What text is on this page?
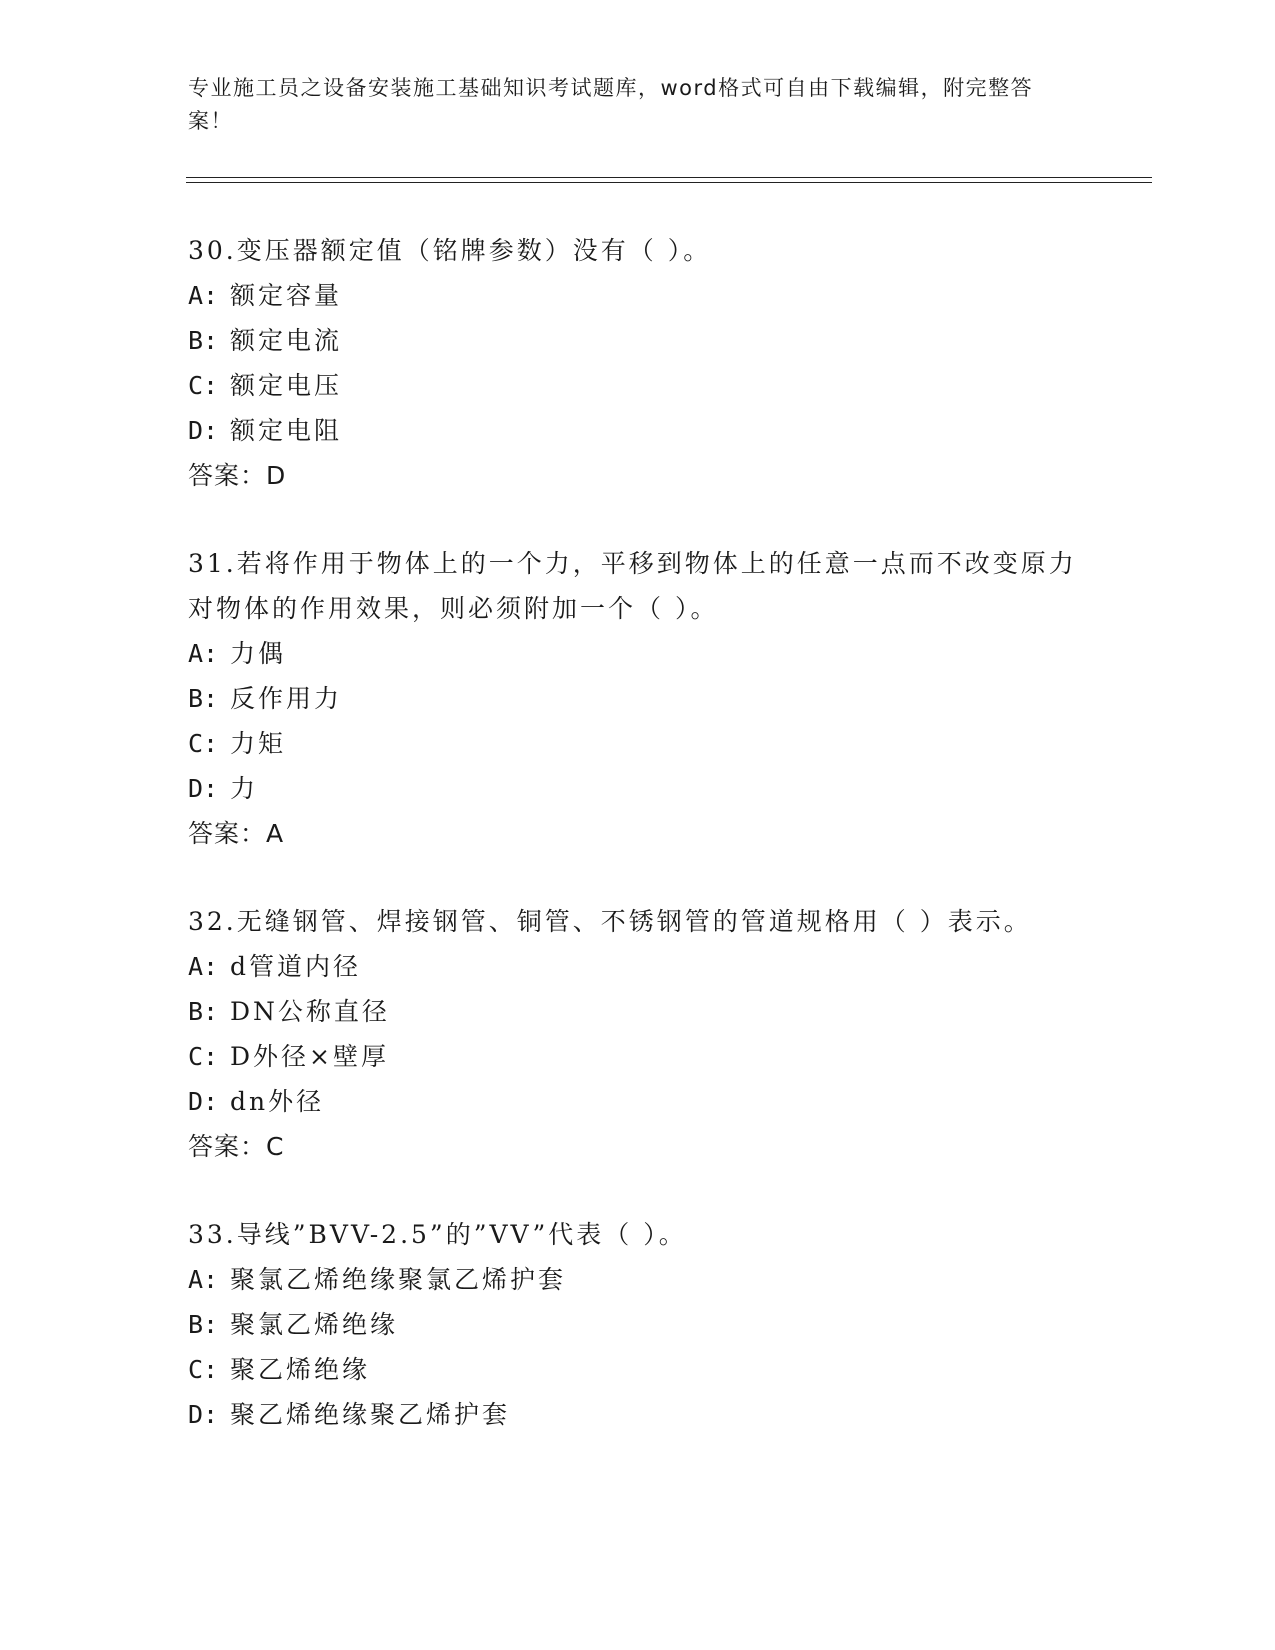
专业施工员之设备安装施工基础知识考试题库，word格式可自由下载编辑，附完整答案！
30.变压器额定值（铭牌参数）没有（ ）。
A: 额定容量
B: 额定电流
C: 额定电压
D: 额定电阻
答案：D
31.若将作用于物体上的一个力，平移到物体上的任意一点而不改变原力对物体的作用效果，则必须附加一个（ ）。
A: 力偶
B: 反作用力
C: 力矩
D: 力
答案：A
32.无缝钢管、焊接钢管、铜管、不锈钢管的管道规格用（ ）表示。
A: d管道内径
B: DN公称直径
C: D外径×壁厚
D: dn外径
答案：C
33.导线”BVV-2.5”的”VV”代表（ ）。
A: 聚氯乙烯绝缘聚氯乙烯护套
B: 聚氯乙烯绝缘
C: 聚乙烯绝缘
D: 聚乙烯绝缘聚乙烯护套
